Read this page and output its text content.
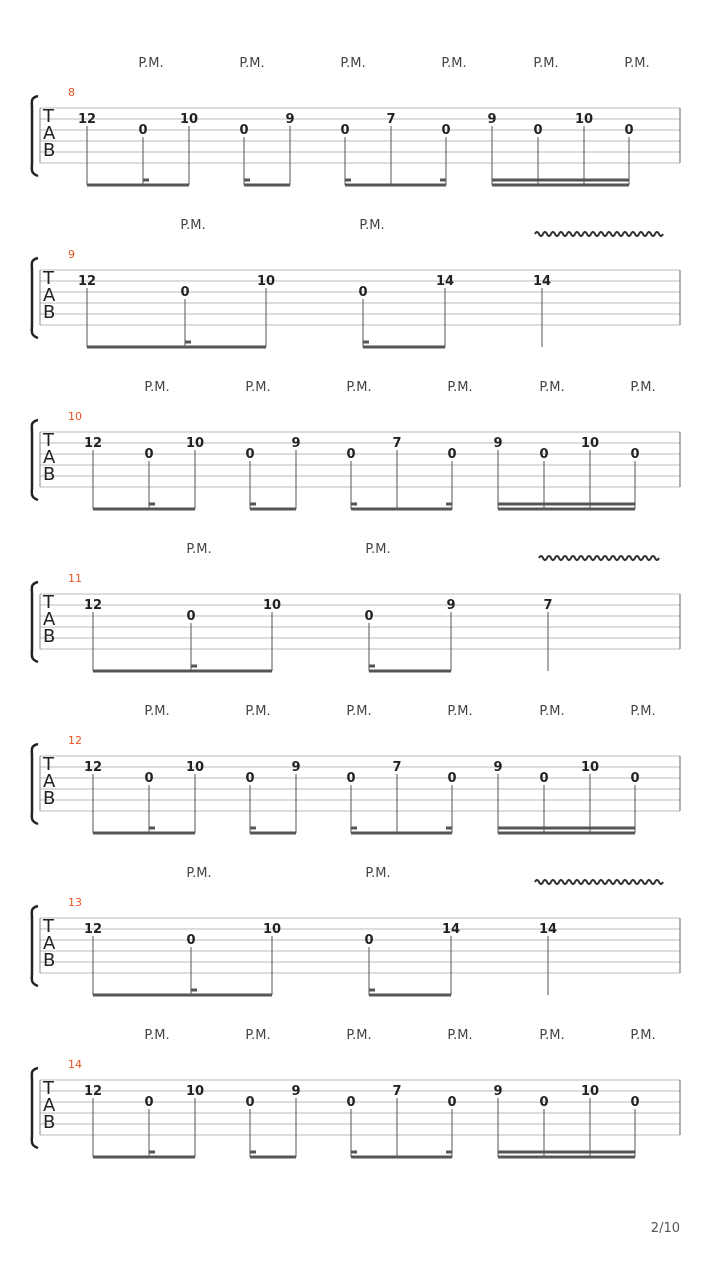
T
A
B
8
P.M.	P.M.	P.M.	P.M.	P.M.	P.M.
12
0
10
0
9
0
7
0
9
0
10
0
T
A
B
9
P.M.	P.M.
12
0
10
0
14	14
T
A
B
10
P.M.	P.M.	P.M.	P.M.	P.M.	P.M.
12
0
10
0
9
0
7
0
9
0
10
0
T
A
B
11
P.M.	P.M.
12
0
10
0
9	7
T
A
B
12
P.M.	P.M.	P.M.	P.M.	P.M.	P.M.
12
0
10
0
9
0
7
0
9
0
10
0
T
A
B
13
P.M.	P.M.
12
0
10
0
14	14
T
A
B
14
P.M.	P.M.	P.M.	P.M.	P.M.	P.M.
12
0
10
0
9
0
7
0
9
0
10
0
2/10
